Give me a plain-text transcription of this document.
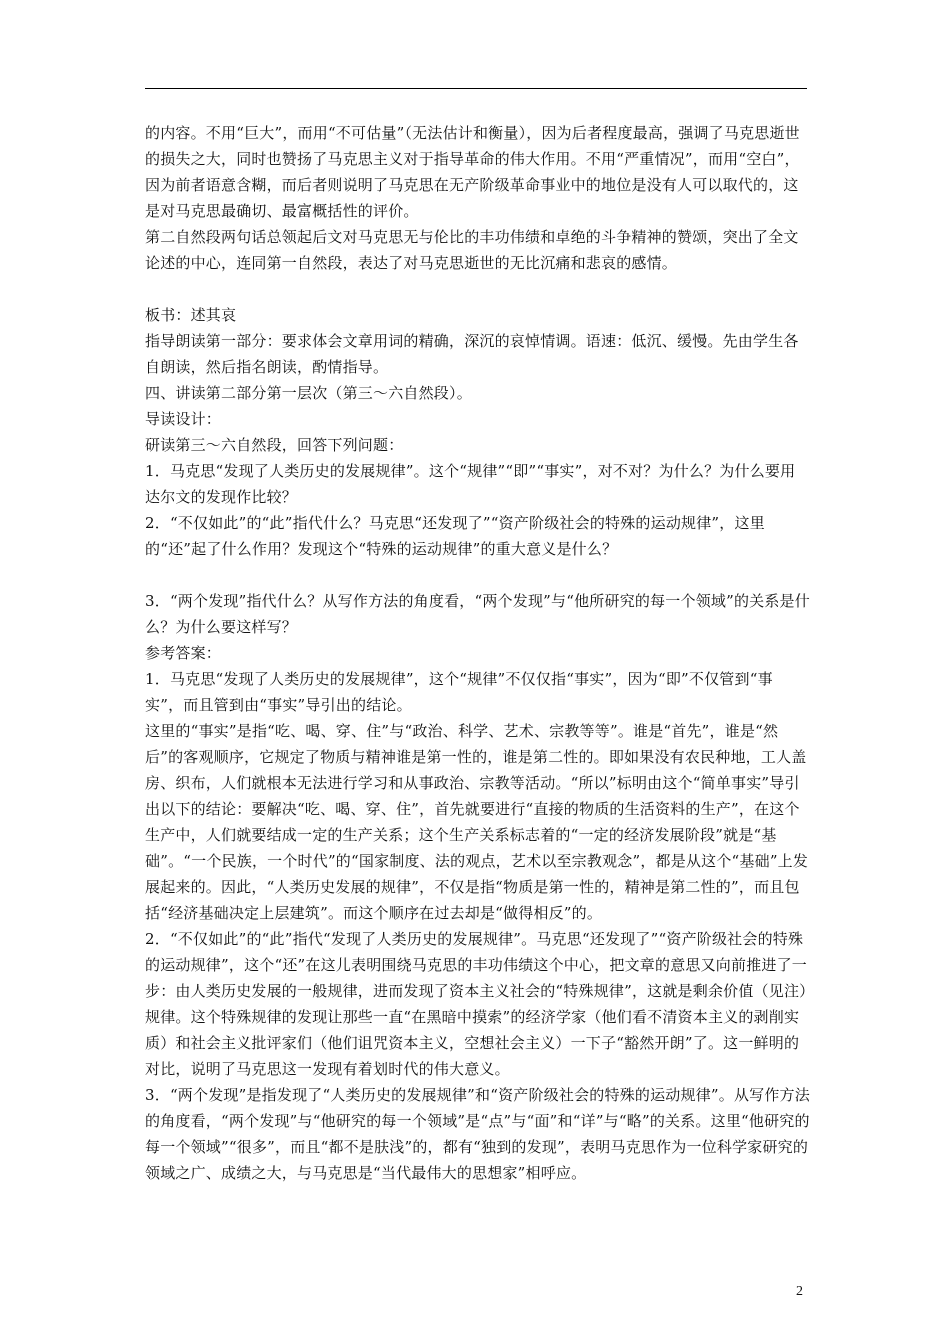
的内容。不用“巨大”，而用“不可估量”（无法估计和衡量），因为后者程度最高，强调了马克思逝世的损失之大，同时也赞扬了马克思主义对于指导革命的伟大作用。不用“严重情况”，而用“空白”，因为前者语意含糊，而后者则说明了马克思在无产阶级革命事业中的地位是没有人可以取代的，这是对马克思最确切、最富概括性的评价。

第二自然段两句话总领起后文对马克思无与伦比的丰功伟绩和卓绝的斗争精神的赞颂，突出了全文论述的中心，连同第一自然段，表达了对马克思逝世的无比沉痛和悲哀的感情。

板书：述其哀

指导朗读第一部分：要求体会文章用词的精确，深沉的哀悼情调。语速：低沉、缓慢。先由学生各自朗读，然后指名朗读，酌情指导。

四、讲读第二部分第一层次（第三～六自然段）。

导读设计：

研读第三～六自然段，回答下列问题：

1．马克思“发现了人类历史的发展规律”。这个“规律”“即”“事实”，对不对？为什么？为什么要用达尔文的发现作比较？

2．“不仅如此”的“此”指代什么？马克思“还发现了”“资产阶级社会的特殊的运动规律”，这里的“还”起了什么作用？发现这个“特殊的运动规律”的重大意义是什么？

3．“两个发现”指代什么？从写作方法的角度看，“两个发现”与“他所研究的每一个领域”的关系是什么？为什么要这样写？

参考答案：

1．马克思“发现了人类历史的发展规律”，这个“规律”不仅仅指“事实”，因为“即”不仅管到“事实”，而且管到由“事实”导引出的结论。

这里的“事实”是指“吃、喝、穿、住”与“政治、科学、艺术、宗教等等”。谁是“首先”，谁是“然后”的客观顺序，它规定了物质与精神谁是第一性的，谁是第二性的。即如果没有农民种地，工人盖房、织布，人们就根本无法进行学习和从事政治、宗教等活动。“所以”标明由这个“简单事实”导引出以下的结论：要解决“吃、喝、穿、住”，首先就要进行“直接的物质的生活资料的生产”，在这个生产中，人们就要结成一定的生产关系；这个生产关系标志着的“一定的经济发展阶段”就是“基础”。“一个民族，一个时代”的“国家制度、法的观点，艺术以至宗教观念”，都是从这个“基础”上发展起来的。因此，“人类历史发展的规律”，不仅是指“物质是第一性的，精神是第二性的”，而且包括“经济基础决定上层建筑”。而这个顺序在过去却是“做得相反”的。

2．“不仅如此”的“此”指代“发现了人类历史的发展规律”。马克思“还发现了”“资产阶级社会的特殊的运动规律”，这个“还”在这儿表明围绕马克思的丰功伟绩这个中心，把文章的意思又向前推进了一步：由人类历史发展的一般规律，进而发现了资本主义社会的“特殊规律”，这就是剩余价值（见注）规律。这个特殊规律的发现让那些一直“在黑暗中摸索”的经济学家（他们看不清资本主义的剥削实质）和社会主义批评家们（他们诅咒资本主义，空想社会主义）一下子“豁然开朗”了。这一鲜明的对比，说明了马克思这一发现有着划时代的伟大意义。

3．“两个发现”是指发现了“人类历史的发展规律”和“资产阶级社会的特殊的运动规律”。从写作方法的角度看，“两个发现”与“他研究的每一个领域”是“点”与“面”和“详”与“略”的关系。这里“他研究的每一个领域”“很多”，而且“都不是肤浅”的，都有“独到的发现”，表明马克思作为一位科学家研究的领域之广、成绩之大，与马克思是“当代最伟大的思想家”相呼应。

2
